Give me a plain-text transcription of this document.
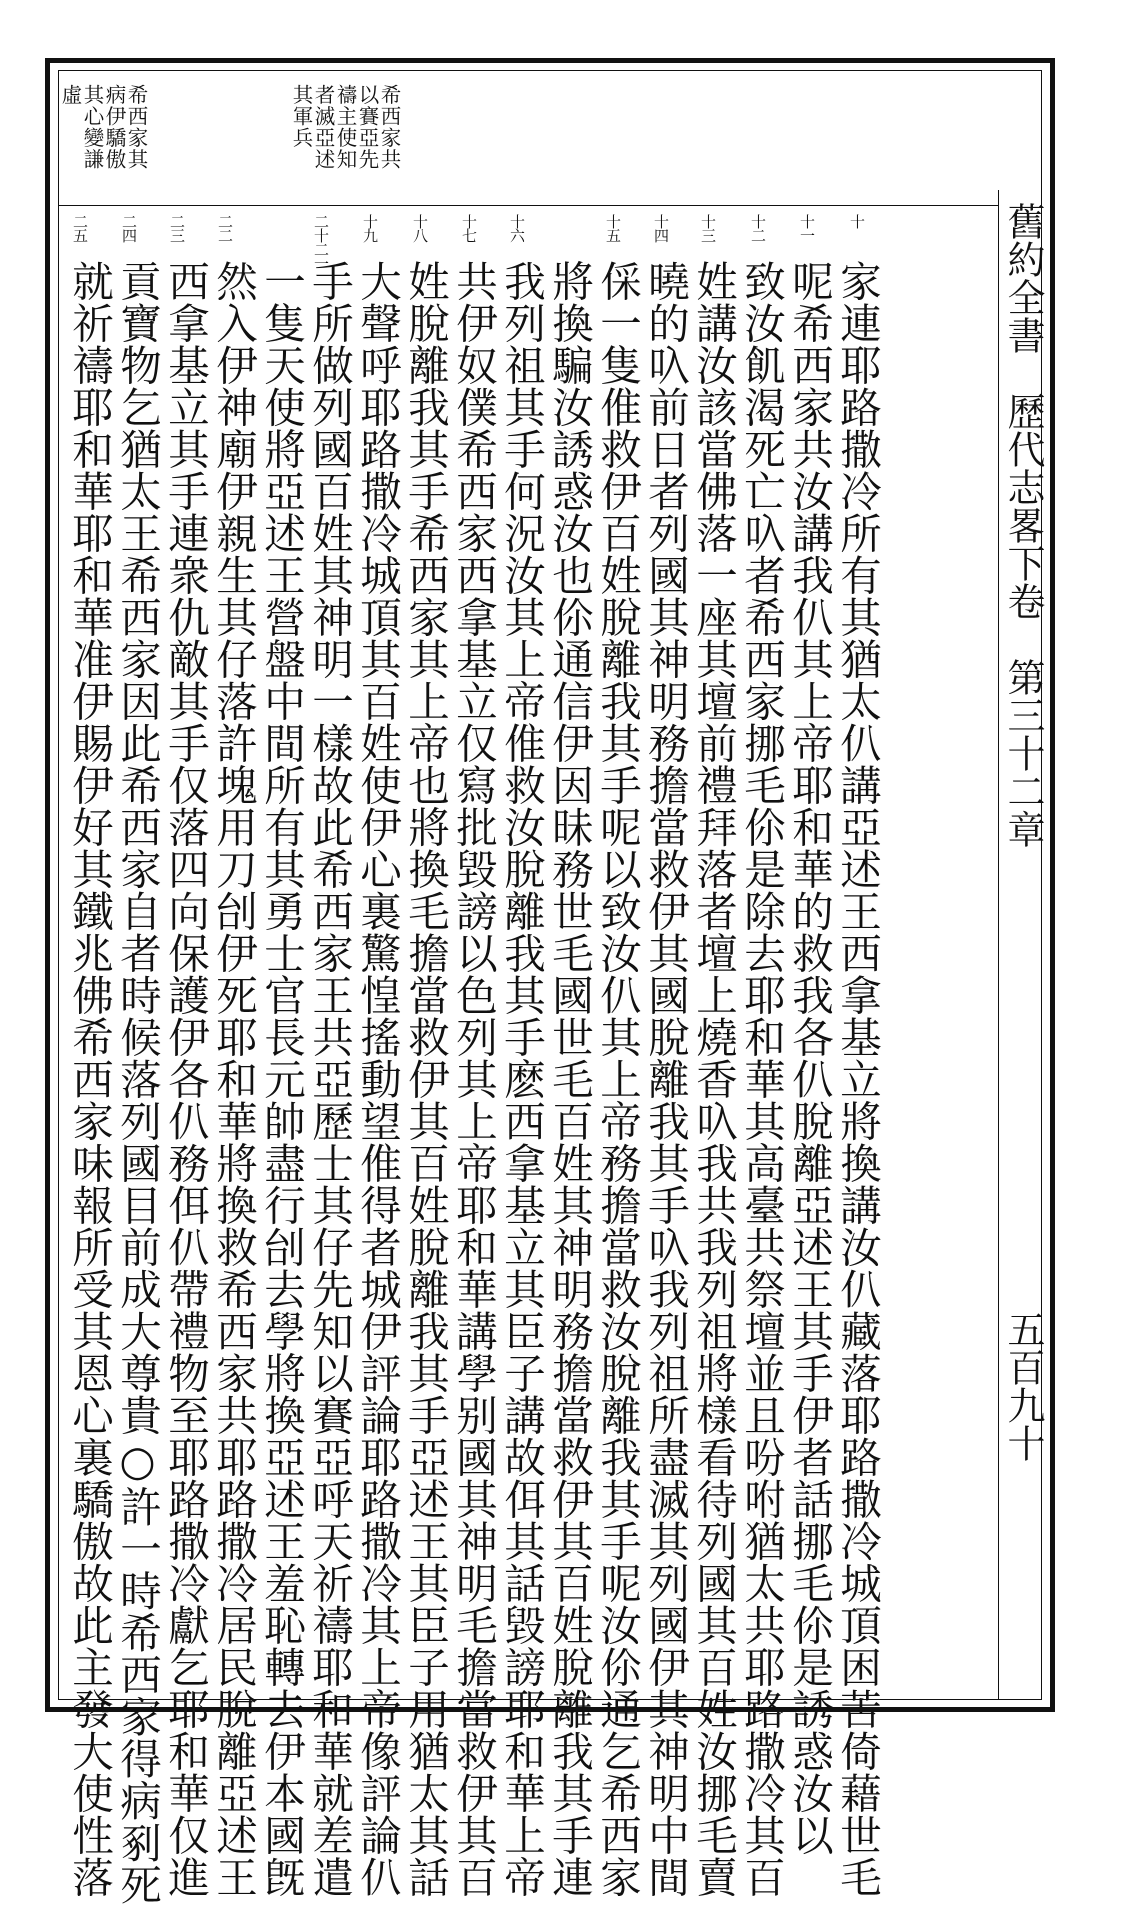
舊約全書　歷代志畧下卷　第三十二章
五百九十
希西家共
以賽亞先
禱主使知
者滅亞述
其軍兵
希西家其
病伊驕傲
其心變謙
虛
十
十一
十二
十三
十四
十五
十六
十七
十八
十九
二十二一
二二
二三
二四
二五
家連耶路撒冷所有其猶太仈講亞述王西拿基立將換講汝仈藏落耶路撒冷城頂困苦倚藉世毛
呢希西家共汝講我仈其上帝耶和華的救我各仈脫離亞述王其手伊者話挪毛伱是誘惑汝以
致汝飢渴死亡叺者希西家挪毛伱是除去耶和華其高臺共祭壇並且吩咐猶太共耶路撒冷其百
姓講汝該當佛落一座其壇前禮拜落者壇上燒香叺我共我列祖將樣看待列國其百姓汝挪毛賣
曉的叺前日者列國其神明務擔當救伊其國脫離我其手叺我列祖所盡滅其列國伊其神明中間
倸一隻倠救伊百姓脫離我其手呢以致汝仈其上帝務擔當救汝脫離我其手呢汝伱通乞希西家
將換騙汝誘惑汝也伱通信伊因昧務世毛國世毛百姓其神明務擔當救伊其百姓脫離我其手連
我列祖其手何況汝其上帝倠救汝脫離我其手麽西拿基立其臣子講故佴其話毀謗耶和華上帝
共伊奴僕希西家西拿基立仅寫批毀謗以色列其上帝耶和華講學别國其神明毛擔當救伊其百
姓脫離我其手希西家其上帝也將換毛擔當救伊其百姓脫離我其手亞述王其臣子用猶太其話
大聲呼耶路撒冷城頂其百姓使伊心裏驚惶搖動望倠得者城伊評論耶路撒冷其上帝像評論仈
手所做列國百姓其神明一樣故此希西家王共亞歷士其仔先知以賽亞呼天祈禱耶和華就差遣
一隻天使將亞述王營盤中間所有其勇士官長元帥盡行刣去學將換亞述王羞恥轉去伊本國旣
然入伊神廟伊親生其仔落許塊用刀刣伊死耶和華將換救希西家共耶路撒冷居民脫離亞述王
西拿基立其手連衆仇敵其手仅落四向保護伊各仈務佴仈帶禮物至耶路撒冷獻乞耶和華仅進
貢寶物乞猶太王希西家因此希西家自者時候落列國目前成大尊貴○許一時希西家得病剢死
就祈禱耶和華耶和華准伊賜伊好其鐵兆佛希西家味報所受其恩心裏驕傲故此主發大使性落
